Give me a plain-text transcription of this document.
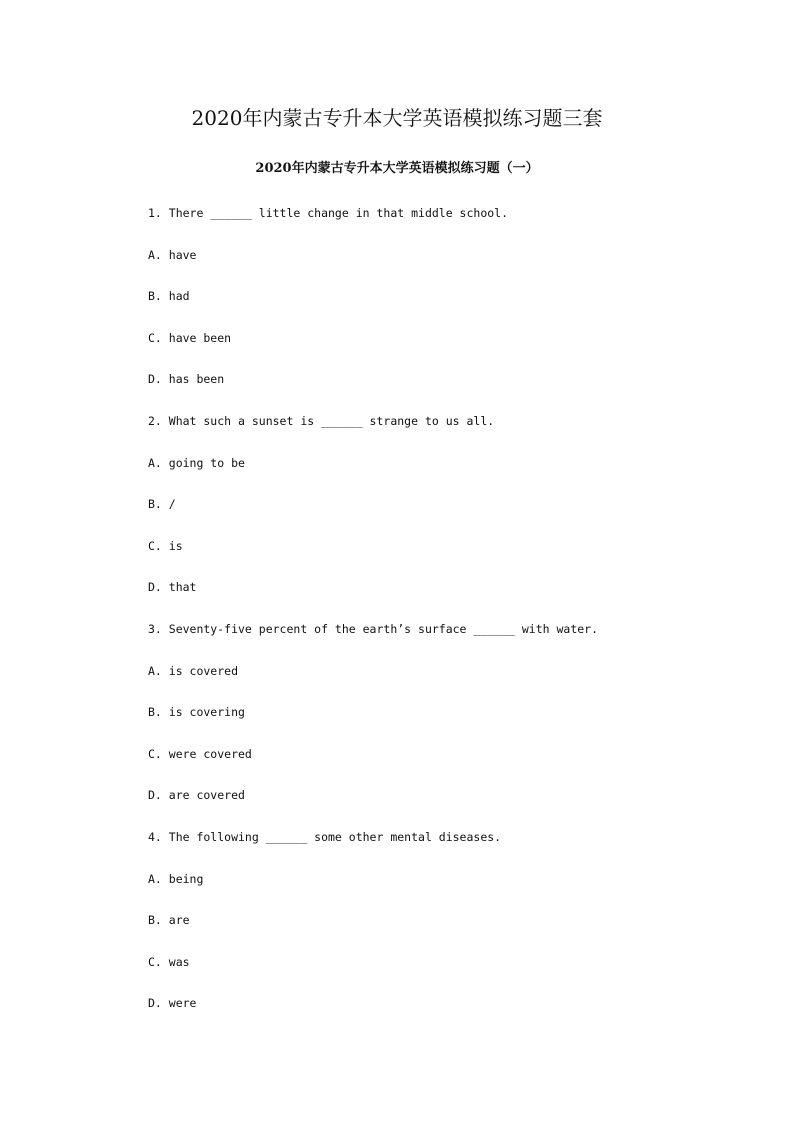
2020年内蒙古专升本大学英语模拟练习题三套
2020年内蒙古专升本大学英语模拟练习题（一）
1. There ______ little change in that middle school.
A. have
B. had
C. have been
D. has been
2. What such a sunset is ______ strange to us all.
A. going to be
B. /
C. is
D. that
3. Seventy-five percent of the earth’s surface ______ with water.
A. is covered
B. is covering
C. were covered
D. are covered
4. The following ______ some other mental diseases.
A. being
B. are
C. was
D. were
